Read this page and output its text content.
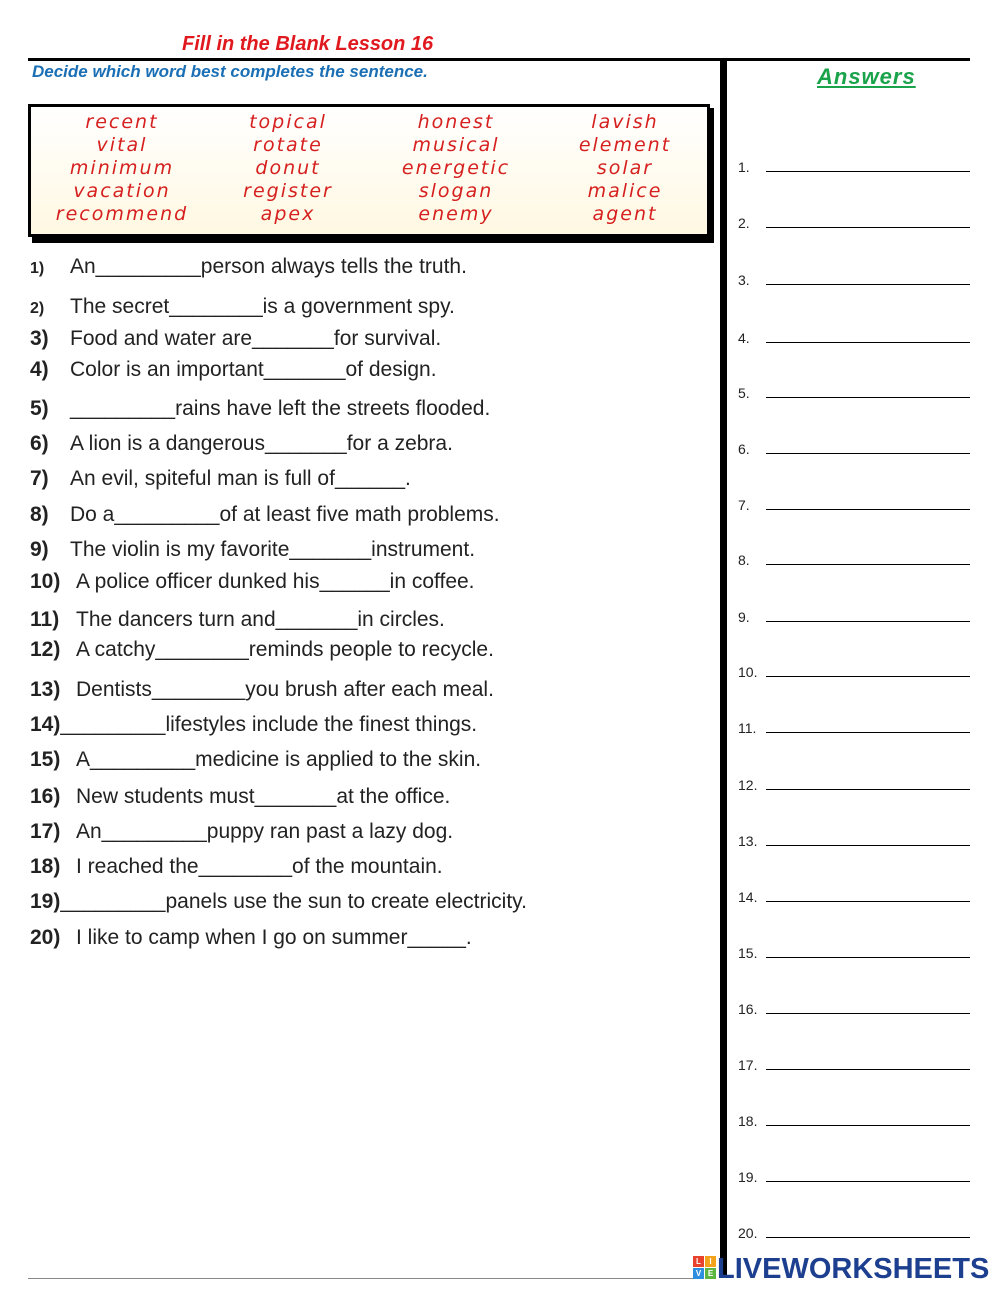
Fill in the Blank Lesson 16
Decide which word best completes the sentence.	Answers
recent
vital
minimum
vacation
recommend
topical
rotate
donut
register
apex
honest
musical
energetic
slogan
enemy
lavish
element
solar
malice
agent
1) An_________person always tells the truth.
2) The secret________is a government spy.
3) Food and water are_______for survival.
4) Color is an important_______of design.
5) _________rains have left the streets flooded.
6) A lion is a dangerous_______for a zebra.
7) An evil, spiteful man is full of______.
8) Do a_________of at least five math problems.
9) The violin is my favorite_______instrument.
10) A police officer dunked his______in coffee.
11) The dancers turn and_______in circles.
12) A catchy________reminds people to recycle.
13) Dentists________you brush after each meal.
14)_________lifestyles include the finest things.
15) A_________medicine is applied to the skin.
16) New students must_______at the office.
17) An_________puppy ran past a lazy dog.
18) I reached the________of the mountain.
19)_________panels use the sun to create electricity.
20) I like to camp when I go on summer_____.
1.
2.
3.
4.
5.
6.
7.
8.
9.
10.
11.
12.
13.
14.
15.
16.
17.
18.
19.
20.
L	I
V E LIVEWORKSHEETS
